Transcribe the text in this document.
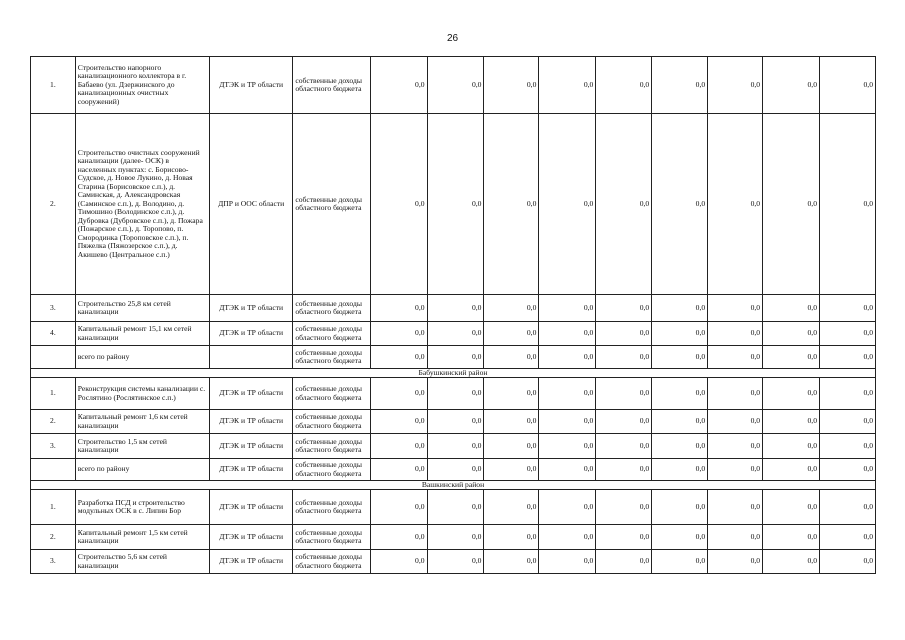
26
1.	Строительство напорного канализационного коллектора в г. Бабаево (ул. Дзержинского до канализационных очистных сооружений)	ДТЭК и ТР области	собственные доходы областного бюджета	0,0	0,0	0,0	0,0	0,0	0,0	0,0	0,0	0,0
2.	Строительство очистных сооружений канализации (далее- ОСК) в населенных пунктах: с. Борисово-Судское, д. Новое Лукино, д. Новая Старина (Борисовское с.п.), д. Саминская, д. Александровская (Саминское с.п.), д. Володино, д. Тимошино (Володинское с.п.), д. Дубровка (Дубровское с.п.), д. Пожара (Пожарское с.п.), д. Торопово, п. Смородинка (Тороповское с.п.), п. Пяжелка (Пяжозерское с.п.), д. Акишево (Центральное с.п.)	ДПР и ООС области	собственные доходы областного бюджета	0,0	0,0	0,0	0,0	0,0	0,0	0,0	0,0	0,0
3.	Строительство 25,8 км сетей канализации	ДТЭК и ТР области	собственные доходы областного бюджета	0,0	0,0	0,0	0,0	0,0	0,0	0,0	0,0	0,0
4.	Капитальный ремонт 15,1 км сетей канализации	ДТЭК и ТР области	собственные доходы областного бюджета	0,0	0,0	0,0	0,0	0,0	0,0	0,0	0,0	0,0
	всего по району		собственные доходы областного бюджета	0,0	0,0	0,0	0,0	0,0	0,0	0,0	0,0	0,0
Бабушкинский район												
1.	Реконструкция системы канализации с. Рослятино (Рослятинское с.п.)	ДТЭК и ТР области	собственные доходы областного бюджета	0,0	0,0	0,0	0,0	0,0	0,0	0,0	0,0	0,0
2.	Капитальный ремонт 1,6 км сетей канализации	ДТЭК и ТР области	собственные доходы областного бюджета	0,0	0,0	0,0	0,0	0,0	0,0	0,0	0,0	0,0
3.	Строительство 1,5 км сетей канализации	ДТЭК и ТР области	собственные доходы областного бюджета	0,0	0,0	0,0	0,0	0,0	0,0	0,0	0,0	0,0
	всего по району	ДТЭК и ТР области	собственные доходы областного бюджета	0,0	0,0	0,0	0,0	0,0	0,0	0,0	0,0	0,0
Вашкинский район												
1.	Разработка ПСД и строительство модульных ОСК в с. Липин Бор	ДТЭК и ТР области	собственные доходы областного бюджета	0,0	0,0	0,0	0,0	0,0	0,0	0,0	0,0	0,0
2.	Капитальный ремонт 1,5 км сетей канализации	ДТЭК и ТР области	собственные доходы областного бюджета	0,0	0,0	0,0	0,0	0,0	0,0	0,0	0,0	0,0
3.	Строительство 5,6 км сетей канализации	ДТЭК и ТР области	собственные доходы областного бюджета	0,0	0,0	0,0	0,0	0,0	0,0	0,0	0,0	0,0
